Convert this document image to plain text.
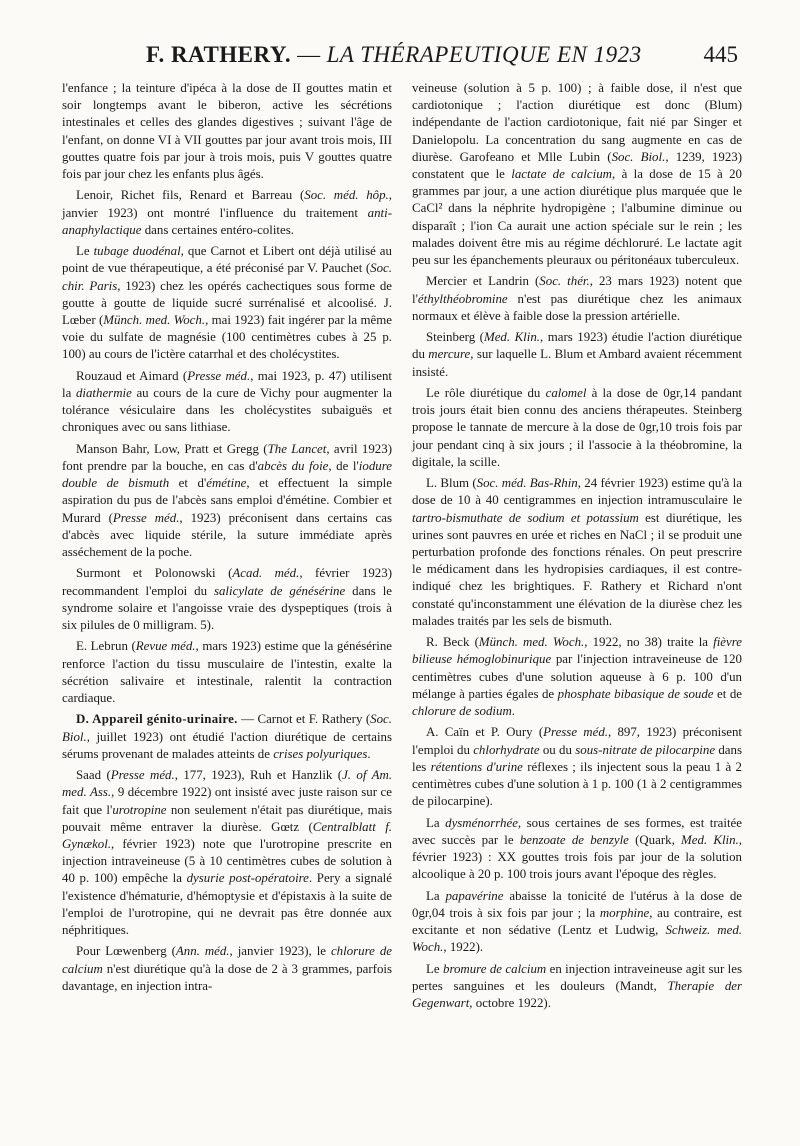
F. RATHERY. — LA THÉRAPEUTIQUE EN 1923	445

l'enfance ; la teinture d'ipéca à la dose de II gouttes matin et soir longtemps avant le biberon, active les sécrétions intestinales et celles des glandes digestives ; suivant l'âge de l'enfant, on donne VI à VII gouttes par jour avant trois mois, III gouttes quatre fois par jour à trois mois, puis V gouttes quatre fois par jour chez les enfants plus âgés.

Lenoir, Richet fils, Renard et Barreau (Soc. méd. hôp., janvier 1923) ont montré l'influence du traitement anti-anaphylactique dans certaines entéro-colites.

Le tubage duodénal, que Carnot et Libert ont déjà utilisé au point de vue thérapeutique, a été préconisé par V. Pauchet (Soc. chir. Paris, 1923) chez les opérés cachectiques sous forme de goutte à goutte de liquide sucré surrénalisé et alcoolisé. J. Lœber (Münch. med. Woch., mai 1923) fait ingérer par la même voie du sulfate de magnésie (100 centimètres cubes à 25 p. 100) au cours de l'ictère catarrhal et des cholécystites.

Rouzaud et Aimard (Presse méd., mai 1923, p. 47) utilisent la diathermie au cours de la cure de Vichy pour augmenter la tolérance vésiculaire dans les cholécystites subaiguës et chroniques avec ou sans lithiase.

Manson Bahr, Low, Pratt et Gregg (The Lancet, avril 1923) font prendre par la bouche, en cas d'abcès du foie, de l'iodure double de bismuth et d'émétine, et effectuent la simple aspiration du pus de l'abcès sans emploi d'émétine. Combier et Murard (Presse méd., 1923) préconisent dans certains cas d'abcès avec liquide stérile, la suture immédiate après asséchement de la poche.

Surmont et Polonowski (Acad. méd., février 1923) recommandent l'emploi du salicylate de génésérine dans le syndrome solaire et l'angoisse vraie des dyspeptiques (trois à six pilules de 0 milligram. 5).

E. Lebrun (Revue méd., mars 1923) estime que la génésérine renforce l'action du tissu musculaire de l'intestin, exalte la sécrétion salivaire et intestinale, ralentit la contraction cardiaque.

D. Appareil génito-urinaire. — Carnot et F. Rathery (Soc. Biol., juillet 1923) ont étudié l'action diurétique de certains sérums provenant de malades atteints de crises polyuriques.

Saad (Presse méd., 177, 1923), Ruh et Hanzlik (J. of Am. med. Ass., 9 décembre 1922) ont insisté avec juste raison sur ce fait que l'urotropine non seulement n'était pas diurétique, mais pouvait même entraver la diurèse. Gœtz (Centralblatt f. Gynækol., février 1923) note que l'urotropine prescrite en injection intraveineuse (5 à 10 centimètres cubes de solution à 40 p. 100) empêche la dysurie post-opératoire. Pery a signalé l'existence d'hématurie, d'hémoptysie et d'épistaxis à la suite de l'emploi de l'urotropine, qui ne devrait pas être donnée aux néphritiques.

Pour Lœwenberg (Ann. méd., janvier 1923), le chlorure de calcium n'est diurétique qu'à la dose de 2 à 3 grammes, parfois davantage, en injection intra-

veineuse (solution à 5 p. 100) ; à faible dose, il n'est que cardiotonique ; l'action diurétique est donc (Blum) indépendante de l'action cardiotonique, fait nié par Singer et Danielopolu. La concentration du sang augmente en cas de diurèse. Garofeano et Mlle Lubin (Soc. Biol., 1239, 1923) constatent que le lactate de calcium, à la dose de 15 à 20 grammes par jour, a une action diurétique plus marquée que le CaCl² dans la néphrite hydropigène ; l'albumine diminue ou disparaît ; l'ion Ca aurait une action spéciale sur le rein ; les malades doivent être mis au régime déchloruré. Le lactate agit peu sur les épanchements pleuraux ou péritonéaux tuberculeux.

Mercier et Landrin (Soc. thér., 23 mars 1923) notent que l'éthylthéobromine n'est pas diurétique chez les animaux normaux et élève à faible dose la pression artérielle.

Steinberg (Med. Klin., mars 1923) étudie l'action diurétique du mercure, sur laquelle L. Blum et Ambard avaient récemment insisté.

Le rôle diurétique du calomel à la dose de 0gr,14 pandant trois jours était bien connu des anciens thérapeutes. Steinberg propose le tannate de mercure à la dose de 0gr,10 trois fois par jour pendant cinq à six jours ; il l'associe à la théobromine, la digitale, la scille.

L. Blum (Soc. méd. Bas-Rhin, 24 février 1923) estime qu'à la dose de 10 à 40 centigrammes en injection intramusculaire le tartro-bismuthate de sodium et potassium est diurétique, les urines sont pauvres en urée et riches en NaCl ; il se produit une perturbation profonde des fonctions rénales. On peut prescrire le médicament dans les hydropisies cardiaques, il est contre-indiqué chez les brightiques. F. Rathery et Richard n'ont constaté qu'inconstamment une élévation de la diurèse chez les malades traités par les sels de bismuth.

R. Beck (Münch. med. Woch., 1922, no 38) traite la fièvre bilieuse hémoglobinurique par l'injection intraveineuse de 120 centimètres cubes d'une solution aqueuse à 6 p. 100 d'un mélange à parties égales de phosphate bibasique de soude et de chlorure de sodium.

A. Caïn et P. Oury (Presse méd., 897, 1923) préconisent l'emploi du chlorhydrate ou du sous-nitrate de pilocarpine dans les rétentions d'urine réflexes ; ils injectent sous la peau 1 à 2 centimètres cubes d'une solution à 1 p. 100 (1 à 2 centigrammes de pilocarpine).

La dysménorrhée, sous certaines de ses formes, est traitée avec succès par le benzoate de benzyle (Quark, Med. Klin., février 1923) : XX gouttes trois fois par jour de la solution alcoolique à 20 p. 100 trois jours avant l'époque des règles.

La papavérine abaisse la tonicité de l'utérus à la dose de 0gr,04 trois à six fois par jour ; la morphine, au contraire, est excitante et non sédative (Lentz et Ludwig, Schweiz. med. Woch., 1922).

Le bromure de calcium en injection intraveineuse agit sur les pertes sanguines et les douleurs (Mandt, Therapie der Gegenwart, octobre 1922).
